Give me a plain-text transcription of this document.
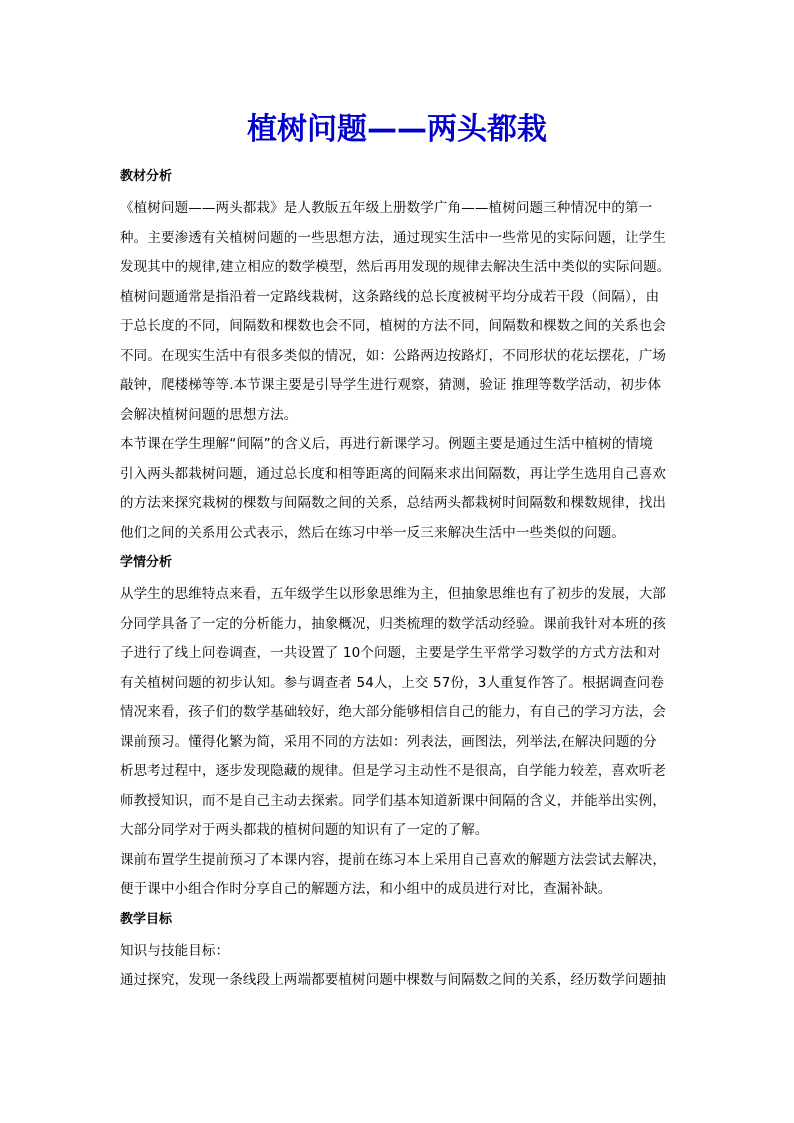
植树问题——两头都栽
教材分析

《植树问题——两头都栽》是人教版五年级上册数学广角——植树问题三种情况中的第一
种。主要渗透有关植树问题的一些思想方法，通过现实生活中一些常见的实际问题，让学生
发现其中的规律,建立相应的数学模型，然后再用发现的规律去解决生活中类似的实际问题。
植树问题通常是指沿着一定路线栽树，这条路线的总长度被树平均分成若干段（间隔），由
于总长度的不同，间隔数和棵数也会不同，植树的方法不同，间隔数和棵数之间的关系也会
不同。在现实生活中有很多类似的情况，如：公路两边按路灯，不同形状的花坛摆花，广场
敲钟，爬楼梯等等.本节课主要是引导学生进行观察，猜测，验证 推理等数学活动，初步体
会解决植树问题的思想方法。

本节课在学生理解“间隔”的含义后，再进行新课学习。例题主要是通过生活中植树的情境
引入两头都栽树问题，通过总长度和相等距离的间隔来求出间隔数，再让学生选用自己喜欢
的方法来探究栽树的棵数与间隔数之间的关系，总结两头都栽树时间隔数和棵数规律，找出
他们之间的关系用公式表示，然后在练习中举一反三来解决生活中一些类似的问题。

学情分析

从学生的思维特点来看，五年级学生以形象思维为主，但抽象思维也有了初步的发展，大部
分同学具备了一定的分析能力，抽象概况，归类梳理的数学活动经验。课前我针对本班的孩
子进行了线上问卷调查，一共设置了 10个问题，主要是学生平常学习数学的方式方法和对
有关植树问题的初步认知。参与调查者 54人，上交 57份，3人重复作答了。根据调查问卷
情况来看，孩子们的数学基础较好，绝大部分能够相信自己的能力，有自己的学习方法，会
课前预习。懂得化繁为简，采用不同的方法如：列表法，画图法，列举法,在解决问题的分
析思考过程中，逐步发现隐藏的规律。但是学习主动性不是很高，自学能力较差，喜欢听老
师教授知识，而不是自己主动去探索。同学们基本知道新课中间隔的含义，并能举出实例，
大部分同学对于两头都栽的植树问题的知识有了一定的了解。

课前布置学生提前预习了本课内容，提前在练习本上采用自己喜欢的解题方法尝试去解决，
便于课中小组合作时分享自己的解题方法，和小组中的成员进行对比，查漏补缺。

教学目标

知识与技能目标：

通过探究，发现一条线段上两端都要植树问题中棵数与间隔数之间的关系，经历数学问题抽
